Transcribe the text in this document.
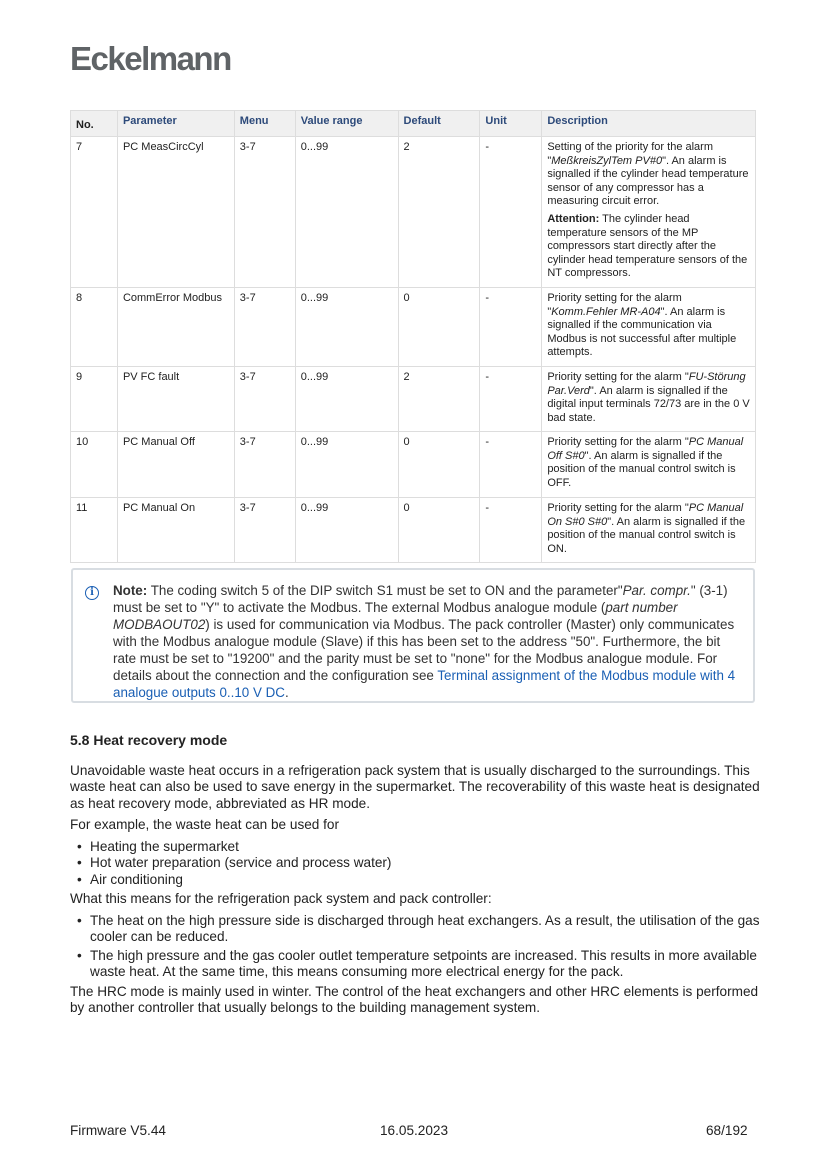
Eckelmann
No.	Parameter	Menu	Value range	Default	Unit	Description
7	PC MeasCircCyl	3-7	0...99	2	-	Setting of the priority for the alarm "MeßkreisZylTem PV#0". An alarm is signalled if the cylinder head temperature sensor of any compressor has a measuring circuit error.

Attention: The cylinder head temperature sensors of the MP compressors start directly after the cylinder head temperature sensors of the NT compressors.

8	CommError Modbus	3-7	0...99	0	-	Priority setting for the alarm "Komm.Fehler MR-A04". An alarm is signalled if the communication via Modbus is not successful after multiple attempts.

9	PV FC fault	3-7	0...99	2	-	Priority setting for the alarm "FU-Störung Par.Verd". An alarm is signalled if the digital input terminals 72/73 are in the 0 V bad state.

10	PC Manual Off	3-7	0...99	0	-	Priority setting for the alarm "PC Manual Off S#0". An alarm is signalled if the position of the manual control switch is OFF.

11	PC Manual On	3-7	0...99	0	-	Priority setting for the alarm "PC Manual On S#0 S#0". An alarm is signalled if the position of the manual control switch is ON.

i	Note: The coding switch 5 of the DIP switch S1 must be set to ON and the parameter"Par. compr." (3-1) must be set to "Y" to activate the Modbus. The external Modbus analogue module (part number MODBAOUT02) is used for communication via Modbus. The pack controller (Master) only communicates with the Modbus analogue module (Slave) if this has been set to the address "50". Furthermore, the bit rate must be set to "19200" and the parity must be set to "none" for the Modbus analogue module. For details about the connection and the configuration see Terminal assignment of the Modbus module with 4 analogue outputs 0..10 V DC.
5.8 Heat recovery mode

Unavoidable waste heat occurs in a refrigeration pack system that is usually discharged to the surroundings. This waste heat can also be used to save energy in the supermarket. The recoverability of this waste heat is designated as heat recovery mode, abbreviated as HR mode.

For example, the waste heat can be used for

• Heating the supermarket
• Hot water preparation (service and process water)
• Air conditioning

What this means for the refrigeration pack system and pack controller:

• The heat on the high pressure side is discharged through heat exchangers. As a result, the utilisation of the gas cooler can be reduced.
• The high pressure and the gas cooler outlet temperature setpoints are increased. This results in more available waste heat. At the same time, this means consuming more electrical energy for the pack.

The HRC mode is mainly used in winter. The control of the heat exchangers and other HRC elements is performed by another controller that usually belongs to the building management system.

Firmware V5.44	16.05.2023	68/192
